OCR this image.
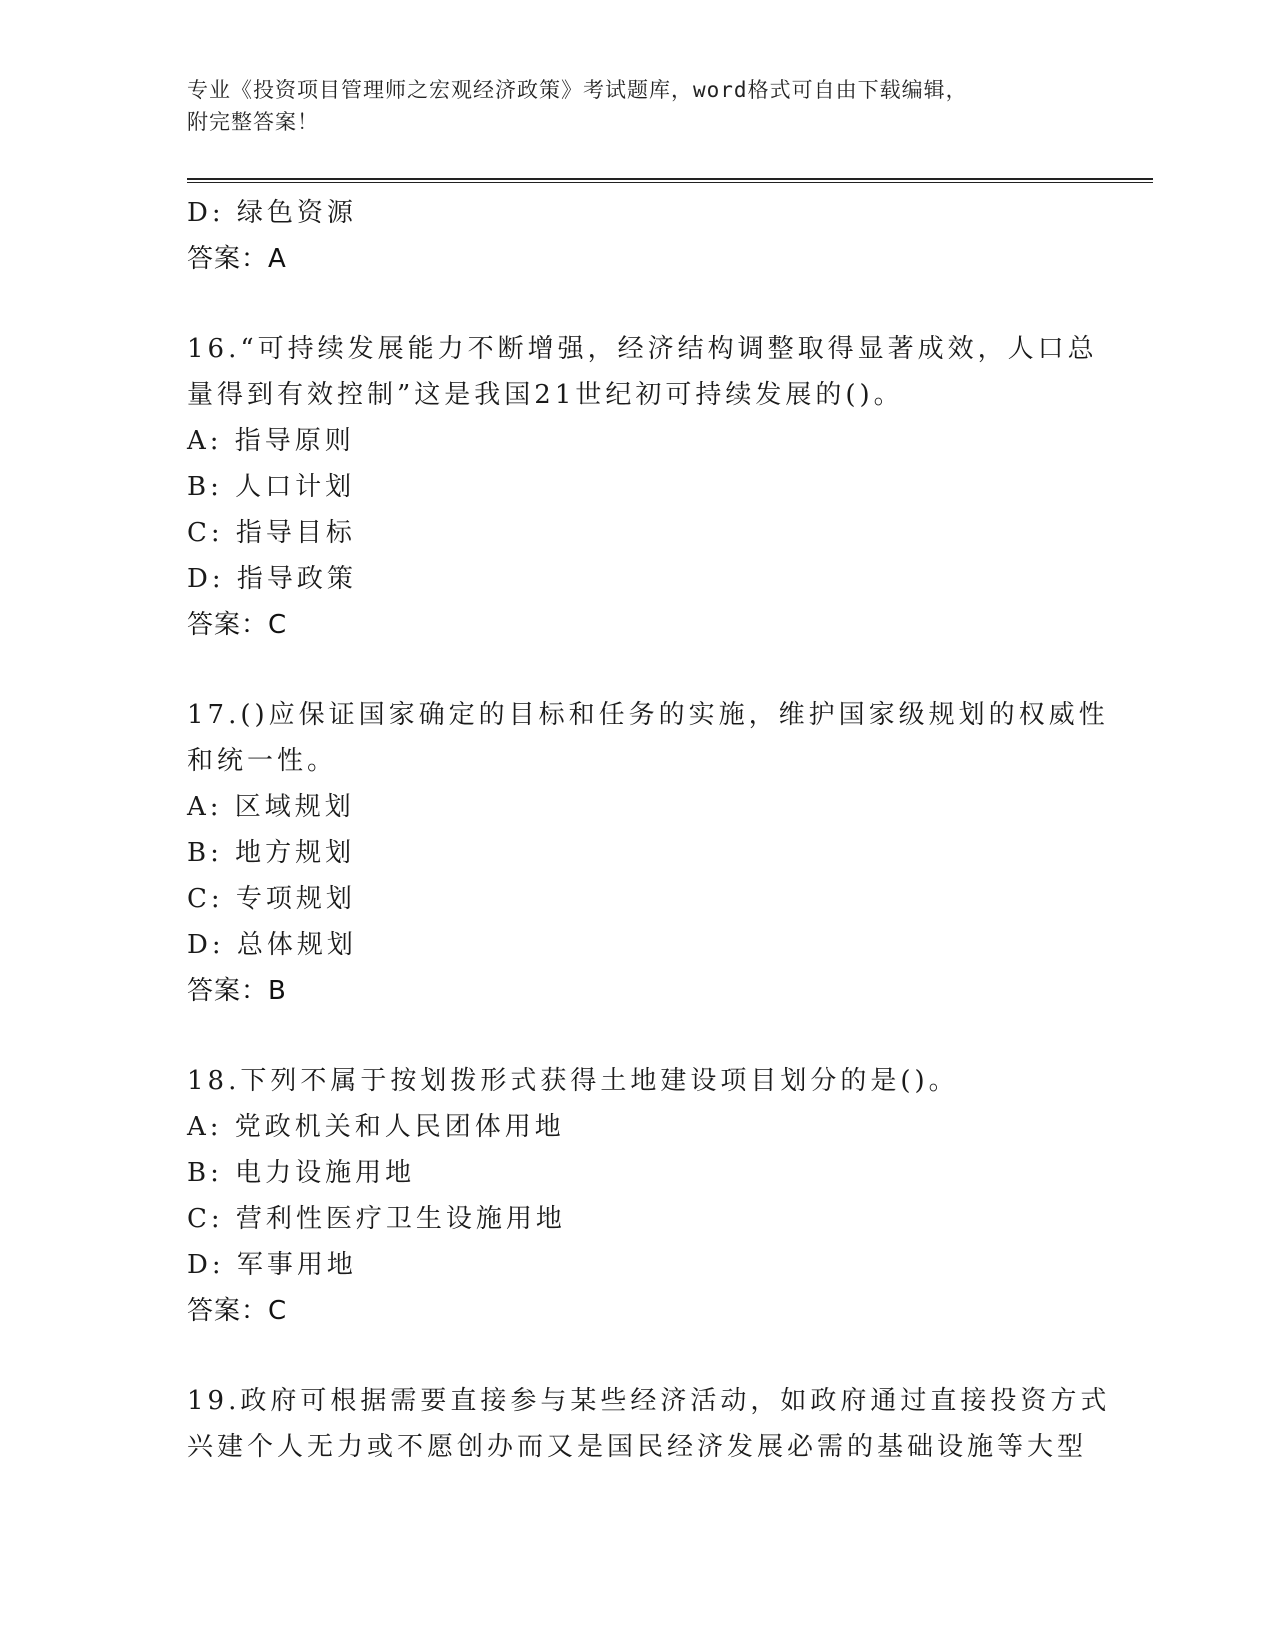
专业《投资项目管理师之宏观经济政策》考试题库，word格式可自由下载编辑，
附完整答案！
D: 绿色资源
答案：A
16.“可持续发展能力不断增强，经济结构调整取得显著成效，人口总
量得到有效控制”这是我国21世纪初可持续发展的()。
A: 指导原则
B: 人口计划
C: 指导目标
D: 指导政策
答案：C
17.()应保证国家确定的目标和任务的实施，维护国家级规划的权威性
和统一性。
A: 区域规划
B: 地方规划
C: 专项规划
D: 总体规划
答案：B
18.下列不属于按划拨形式获得土地建设项目划分的是()。
A: 党政机关和人民团体用地
B: 电力设施用地
C: 营利性医疗卫生设施用地
D: 军事用地
答案：C
19.政府可根据需要直接参与某些经济活动，如政府通过直接投资方式
兴建个人无力或不愿创办而又是国民经济发展必需的基础设施等大型
